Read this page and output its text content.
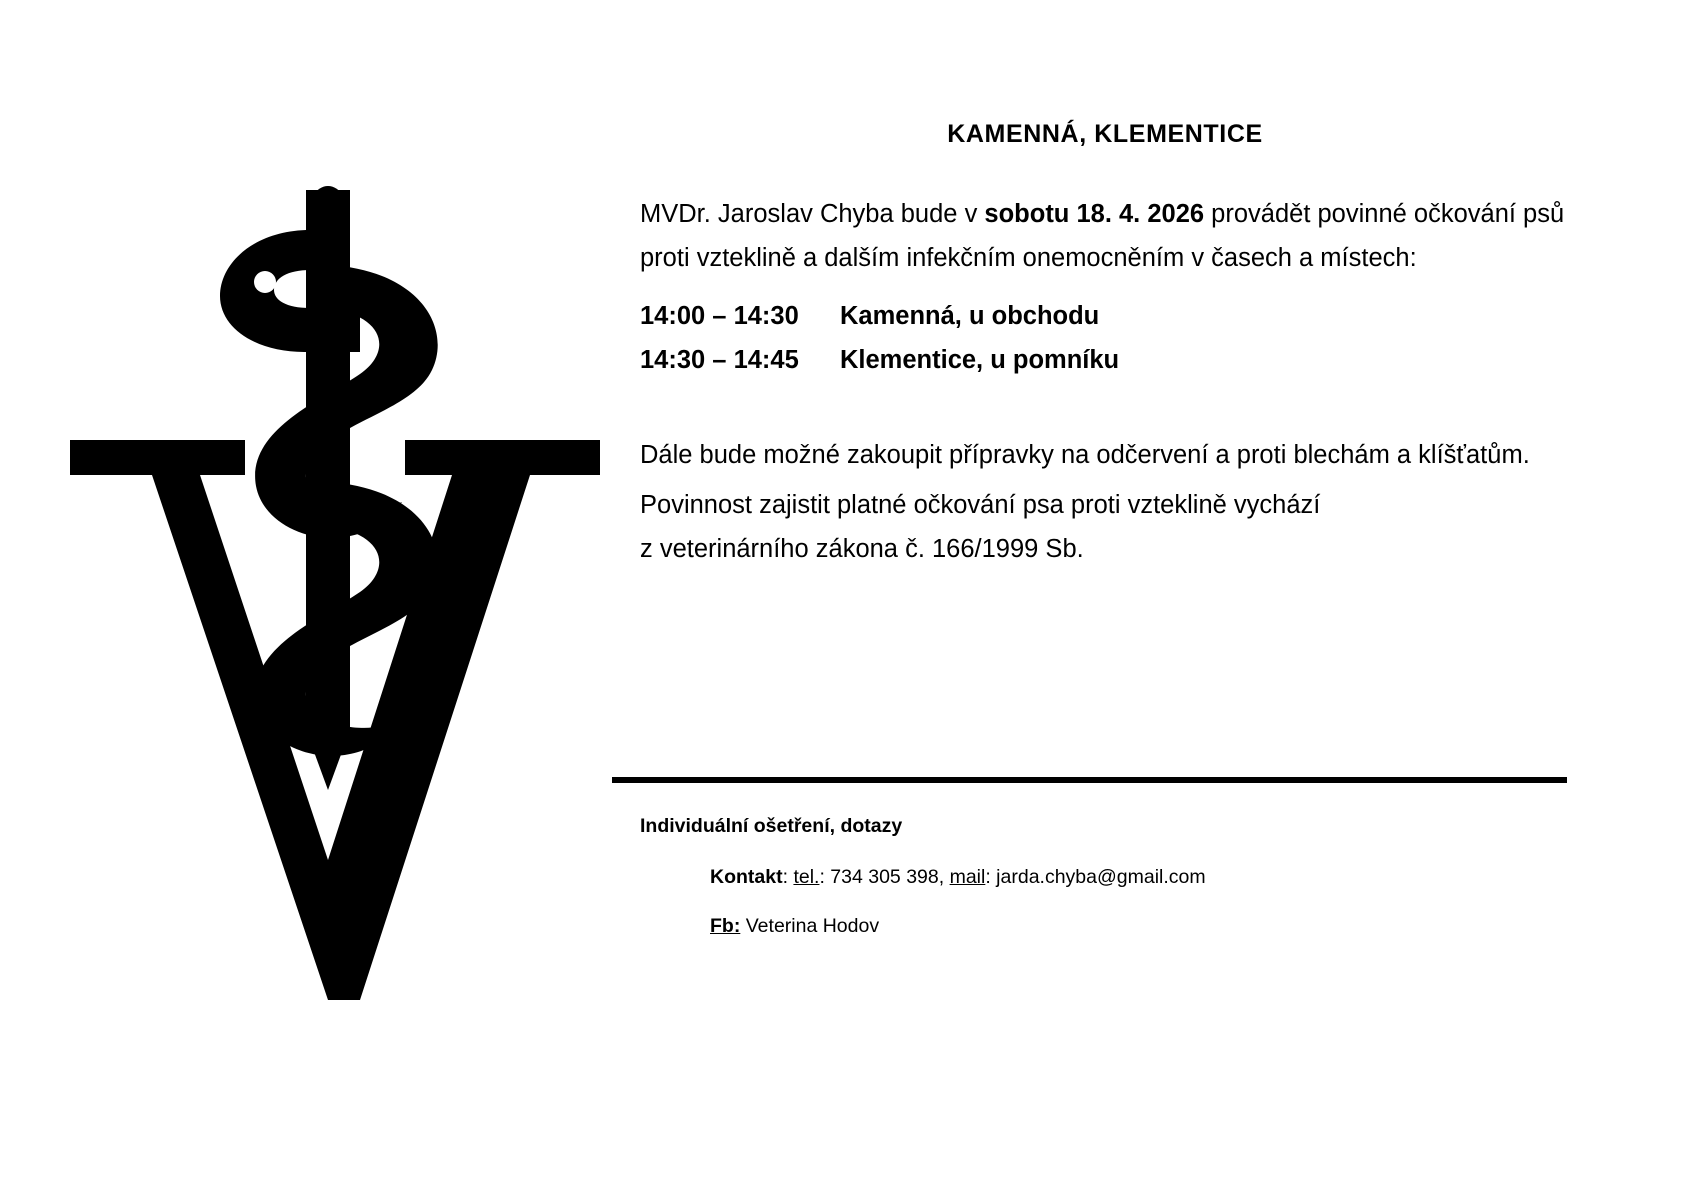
KAMENNÁ, KLEMENTICE

MVDr. Jaroslav Chyba bude v sobotu 18. 4. 2026 provádět povinné očkování psů proti vzteklině a dalším infekčním onemocněním v časech a místech:

14:00 – 14:30	Kamenná, u obchodu
14:30 – 14:45	Klementice, u pomníku

Dále bude možné zakoupit přípravky na odčervení a proti blechám a klíšťatům.

Povinnost zajistit platné očkování psa proti vzteklině vychází

z veterinárního zákona č. 166/1999 Sb.

Individuální ošetření, dotazy
Kontakt: tel.: 734 305 398, mail: jarda.chyba@gmail.com
Fb: Veterina Hodov
